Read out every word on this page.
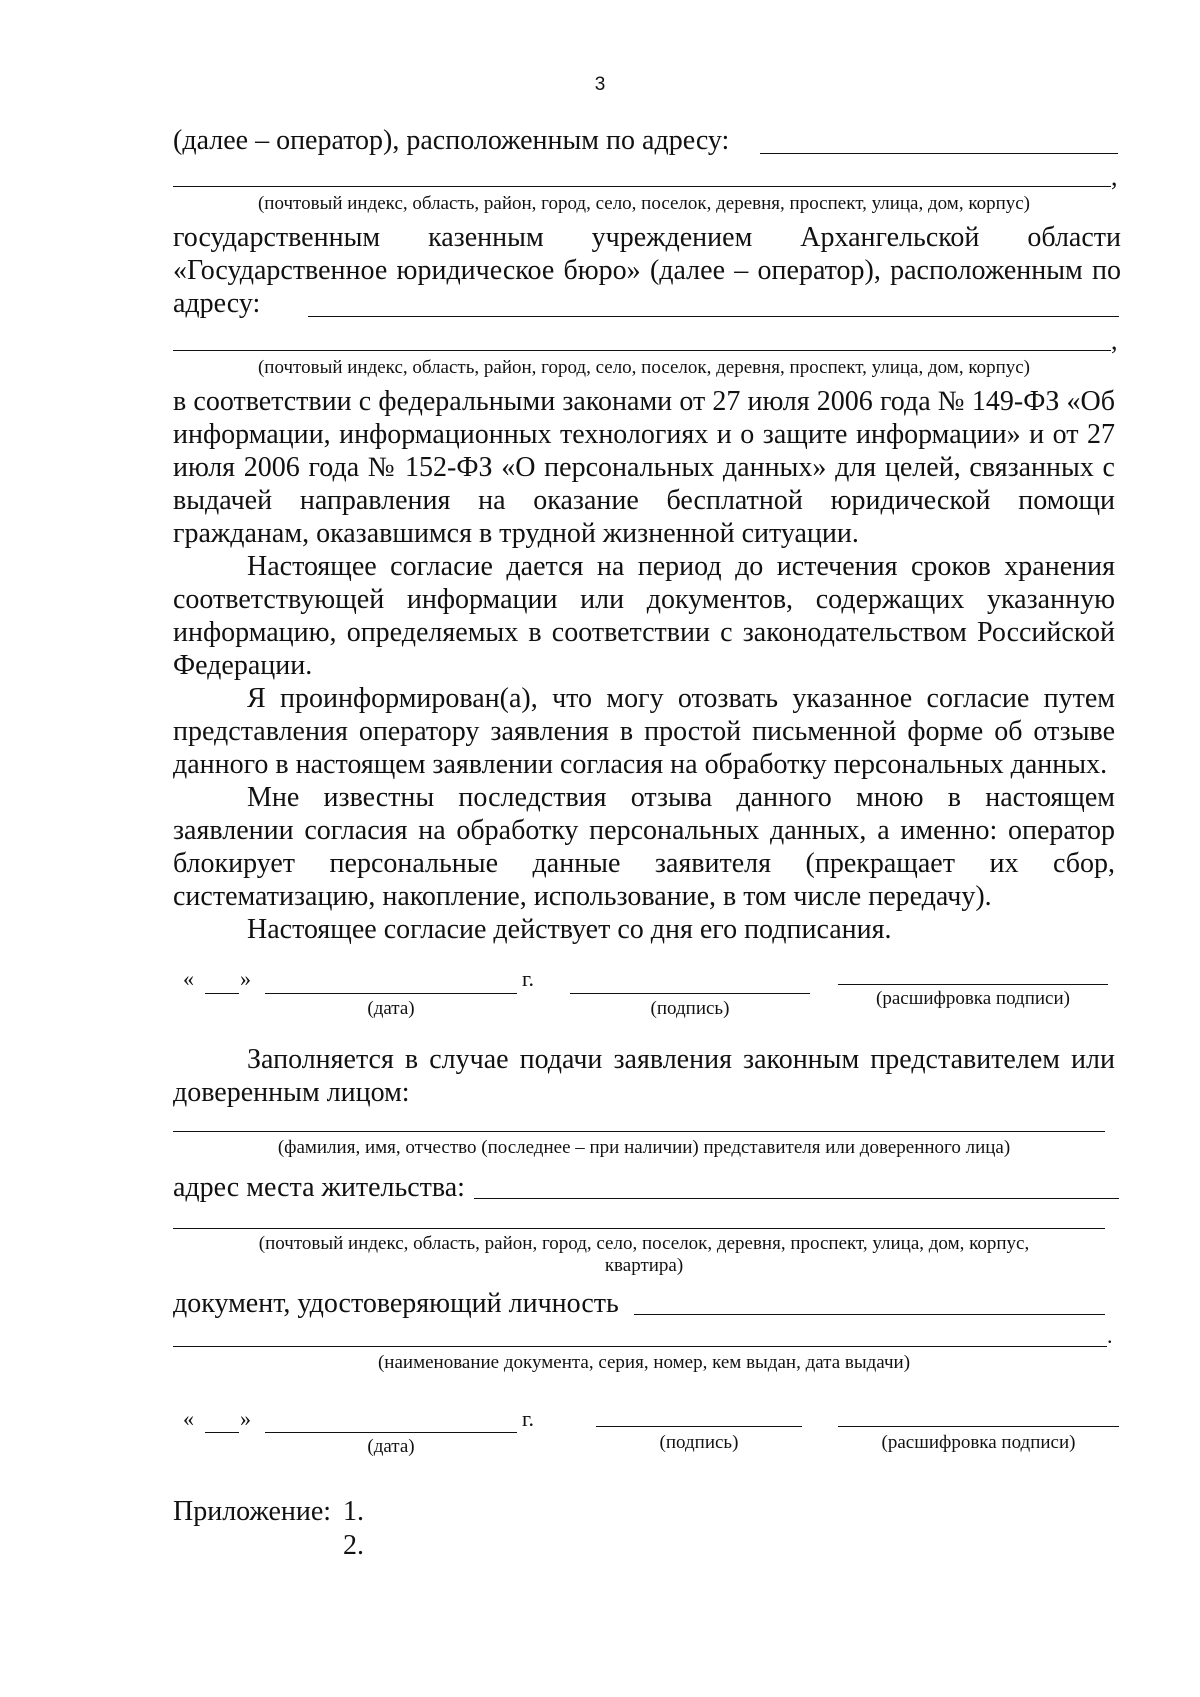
3
(далее – оператор), расположенным по адресу:
,
(почтовый индекс, область, район, город, село, поселок, деревня, проспект, улица, дом, корпус)
государственным казенным учреждением Архангельской области «Государственное юридическое бюро» (далее – оператор), расположенным по адресу:
,
(почтовый индекс, область, район, город, село, поселок, деревня, проспект, улица, дом, корпус)
в соответствии с федеральными законами от 27 июля 2006 года № 149-ФЗ «Об информации, информационных технологиях и о защите информации» и от 27 июля 2006 года № 152-ФЗ «О персональных данных» для целей, связанных с выдачей направления на оказание бесплатной юридической помощи гражданам, оказавшимся в трудной жизненной ситуации.
Настоящее согласие дается на период до истечения сроков хранения соответствующей информации или документов, содержащих указанную информацию, определяемых в соответствии с законодательством Российской Федерации.
Я проинформирован(а), что могу отозвать указанное согласие путем представления оператору заявления в простой письменной форме об отзыве данного в настоящем заявлении согласия на обработку персональных данных.
Мне известны последствия отзыва данного мною в настоящем заявлении согласия на обработку персональных данных, а именно: оператор блокирует персональные данные заявителя (прекращает их сбор, систематизацию, накопление, использование, в том числе передачу).
Настоящее согласие действует со дня его подписания.
« »	г.
(дата)	(подпись)	(расшифровка подписи)
Заполняется в случае подачи заявления законным представителем или доверенным лицом:
(фамилия, имя, отчество (последнее – при наличии) представителя или доверенного лица)
адрес места жительства:
(почтовый индекс, область, район, город, село, поселок, деревня, проспект, улица, дом, корпус,
квартира)
документ, удостоверяющий личность
.
(наименование документа, серия, номер, кем выдан, дата выдачи)
« »	г.
(дата)	(подпись)	(расшифровка подписи)
Приложение: 1.
2.
